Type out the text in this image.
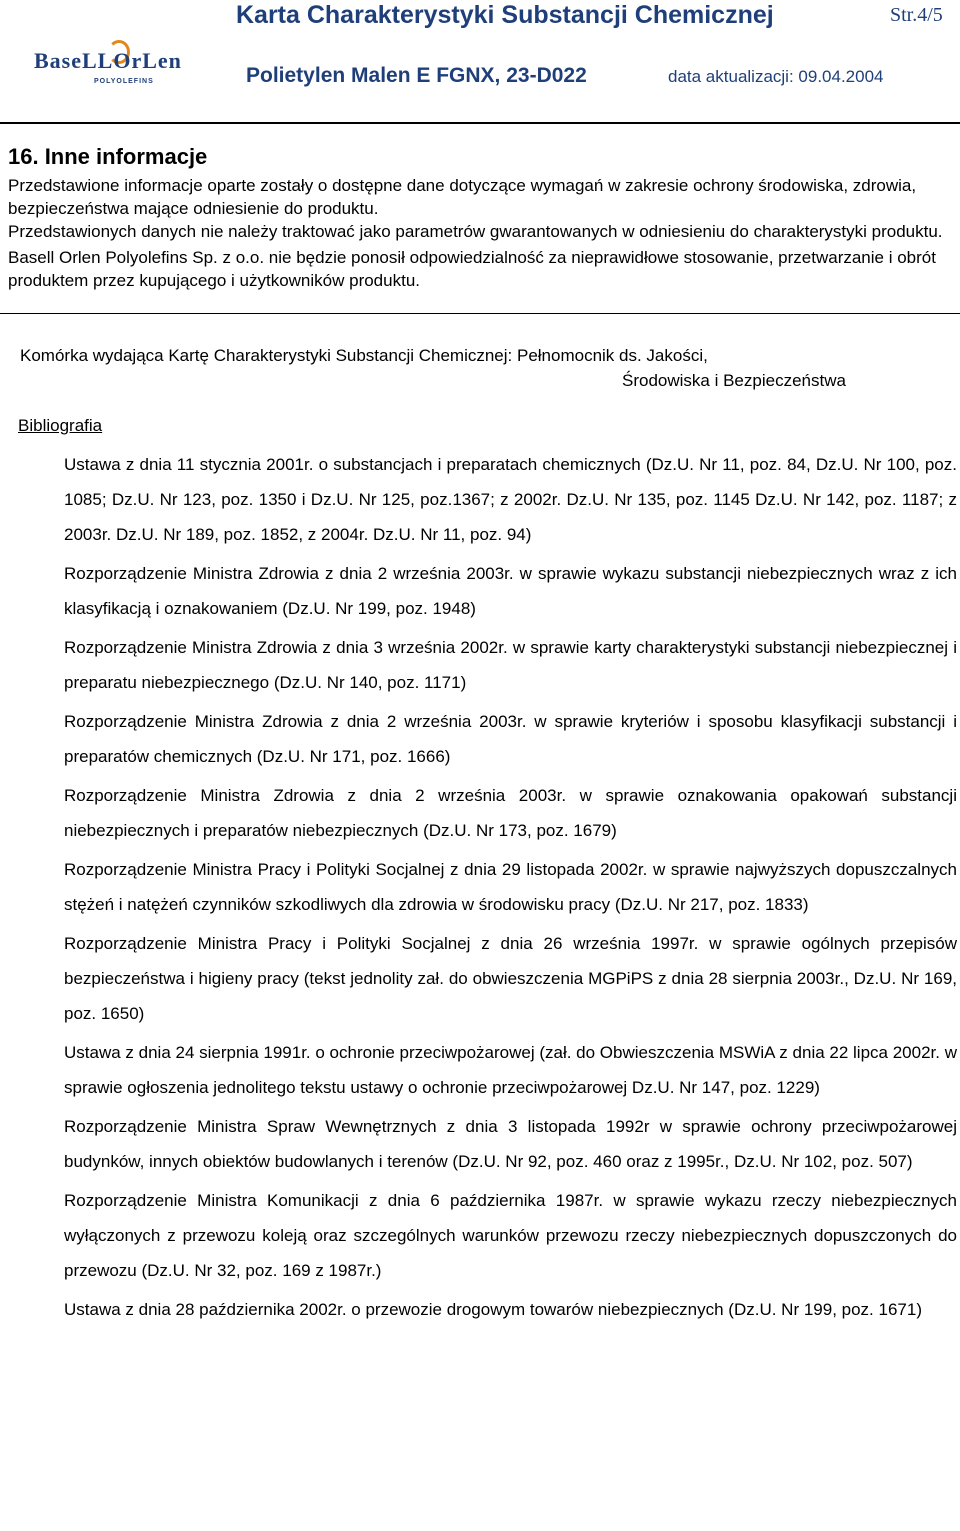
BaseLLOrLen
POLYOLEFINS
Karta Charakterystyki Substancji Chemicznej	Str.4/5
Polietylen Malen E FGNX, 23-D022	data aktualizacji: 09.04.2004
16. Inne informacje

Przedstawione informacje oparte zostały o dostępne dane dotyczące wymagań w zakresie ochrony środowiska, zdrowia, bezpieczeństwa mające odniesienie do produktu.

Przedstawionych danych nie należy traktować jako parametrów gwarantowanych w odniesieniu do charakterystyki produktu.

Basell Orlen Polyolefins Sp. z o.o. nie będzie ponosił odpowiedzialność za nieprawidłowe stosowanie, przetwarzanie i obrót produktem przez kupującego i użytkowników produktu.

Komórka wydająca Kartę Charakterystyki Substancji Chemicznej: Pełnomocnik ds. Jakości,
Środowiska i Bezpieczeństwa
Bibliografia

Ustawa z dnia 11 stycznia 2001r. o substancjach i preparatach chemicznych (Dz.U. Nr 11, poz. 84, Dz.U. Nr 100, poz. 1085; Dz.U. Nr 123, poz. 1350 i Dz.U. Nr 125, poz.1367; z 2002r. Dz.U. Nr 135, poz. 1145 Dz.U. Nr 142, poz. 1187; z 2003r. Dz.U. Nr 189, poz. 1852, z 2004r. Dz.U. Nr 11, poz. 94)

Rozporządzenie Ministra Zdrowia z dnia 2 września 2003r. w sprawie wykazu substancji niebezpiecznych wraz z ich klasyfikacją i oznakowaniem (Dz.U. Nr 199, poz. 1948)

Rozporządzenie Ministra Zdrowia z dnia 3 września 2002r. w sprawie karty charakterystyki substancji niebezpiecznej i preparatu niebezpiecznego (Dz.U. Nr 140, poz. 1171)

Rozporządzenie Ministra Zdrowia z dnia 2 września 2003r. w sprawie kryteriów i sposobu klasyfikacji substancji i preparatów chemicznych (Dz.U. Nr 171, poz. 1666)

Rozporządzenie Ministra Zdrowia z dnia 2 września 2003r. w sprawie oznakowania opakowań substancji niebezpiecznych i preparatów niebezpiecznych (Dz.U. Nr 173, poz. 1679)

Rozporządzenie Ministra Pracy i Polityki Socjalnej z dnia 29 listopada 2002r. w sprawie najwyższych dopuszczalnych stężeń i natężeń czynników szkodliwych dla zdrowia w środowisku pracy (Dz.U. Nr 217, poz. 1833)

Rozporządzenie Ministra Pracy i Polityki Socjalnej z dnia 26 września 1997r. w sprawie ogólnych przepisów bezpieczeństwa i higieny pracy (tekst jednolity zał. do obwieszczenia MGPiPS z dnia 28 sierpnia 2003r., Dz.U. Nr 169, poz. 1650)

Ustawa z dnia 24 sierpnia 1991r. o ochronie przeciwpożarowej (zał. do Obwieszczenia MSWiA z dnia 22 lipca 2002r. w sprawie ogłoszenia jednolitego tekstu ustawy o ochronie przeciwpożarowej Dz.U. Nr 147, poz. 1229)

Rozporządzenie Ministra Spraw Wewnętrznych z dnia 3 listopada 1992r w sprawie ochrony przeciwpożarowej budynków, innych obiektów budowlanych i terenów (Dz.U. Nr 92, poz. 460 oraz z 1995r., Dz.U. Nr 102, poz. 507)

Rozporządzenie Ministra Komunikacji z dnia 6 października 1987r. w sprawie wykazu rzeczy niebezpiecznych wyłączonych z przewozu koleją oraz szczególnych warunków przewozu rzeczy niebezpiecznych dopuszczonych do przewozu (Dz.U. Nr 32, poz. 169 z 1987r.)

Ustawa z dnia 28 października 2002r. o przewozie drogowym towarów niebezpiecznych (Dz.U. Nr 199, poz. 1671)
